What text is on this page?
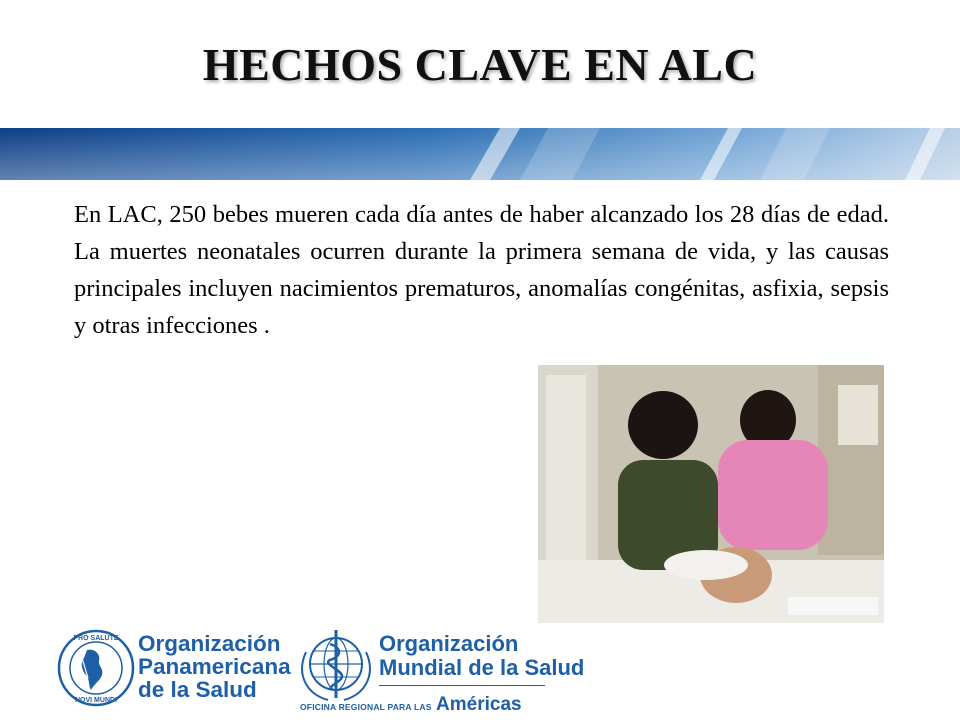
HECHOS CLAVE EN ALC
En LAC, 250 bebes mueren cada día antes de haber alcanzado los 28 días de edad. La muertes neonatales ocurren durante la primera semana de vida, y las causas principales incluyen nacimientos prematuros, anomalías congénitas, asfixia, sepsis y otras infecciones .
PRO SALUTE
NOVI MUNDI
Organización
Panamericana
de la Salud
Organización
Mundial de la Salud
OFICINA REGIONAL PARA LAS Américas
